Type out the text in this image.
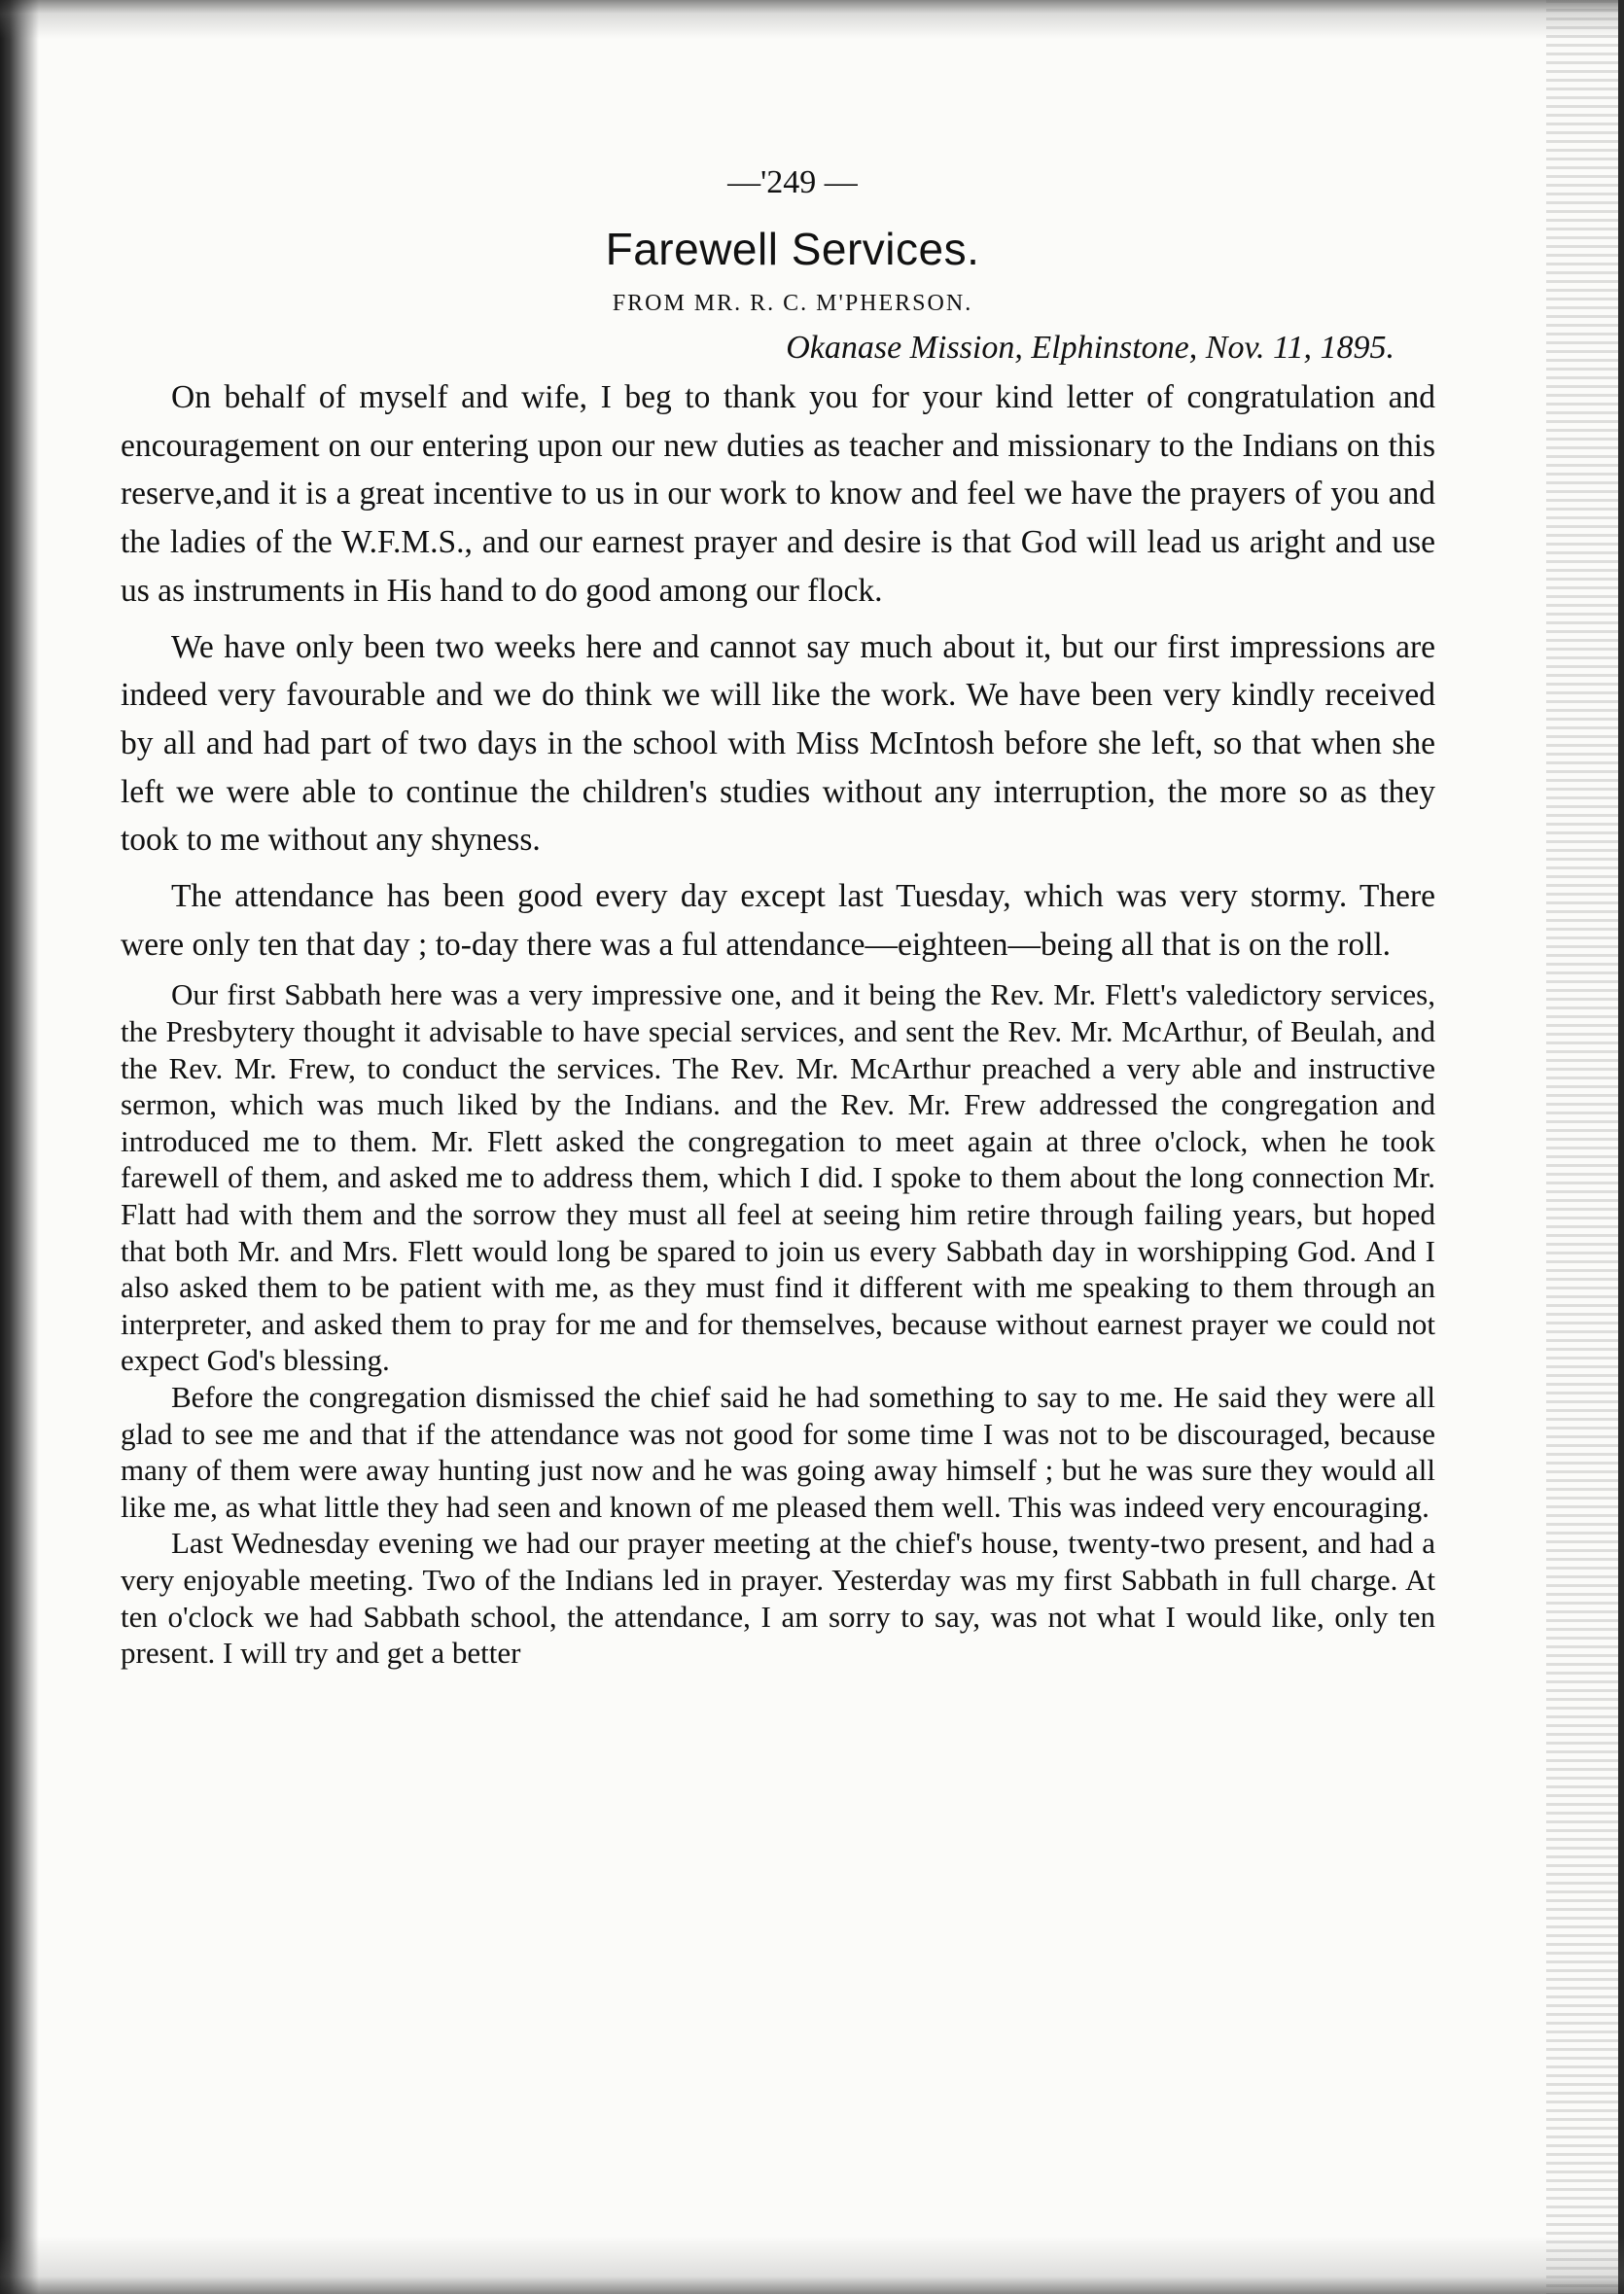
—'249 —
Farewell Services.
FROM MR. R. C. M'PHERSON.
Okanase Mission, Elphinstone, Nov. 11, 1895.

On behalf of myself and wife, I beg to thank you for your kind letter of congratulation and encouragement on our entering upon our new duties as teacher and missionary to the Indians on this reserve,and it is a great incentive to us in our work to know and feel we have the prayers of you and the ladies of the W.F.M.S., and our earnest prayer and desire is that God will lead us aright and use us as instruments in His hand to do good among our flock.

We have only been two weeks here and cannot say much about it, but our first impressions are indeed very favourable and we do think we will like the work. We have been very kindly received by all and had part of two days in the school with Miss McIntosh before she left, so that when she left we were able to continue the children's studies without any interruption, the more so as they took to me without any shyness.

The attendance has been good every day except last Tuesday, which was very stormy. There were only ten that day ; to-day there was a ful attendance—eighteen—being all that is on the roll.

Our first Sabbath here was a very impressive one, and it being the Rev. Mr. Flett's valedictory services, the Presbytery thought it advisable to have special services, and sent the Rev. Mr. McArthur, of Beulah, and the Rev. Mr. Frew, to conduct the services. The Rev. Mr. McArthur preached a very able and instructive sermon, which was much liked by the Indians. and the Rev. Mr. Frew addressed the congregation and introduced me to them. Mr. Flett asked the congregation to meet again at three o'clock, when he took farewell of them, and asked me to address them, which I did. I spoke to them about the long connection Mr. Flatt had with them and the sorrow they must all feel at seeing him retire through failing years, but hoped that both Mr. and Mrs. Flett would long be spared to join us every Sabbath day in worshipping God. And I also asked them to be patient with me, as they must find it different with me speaking to them through an interpreter, and asked them to pray for me and for themselves, because without earnest prayer we could not expect God's blessing.

Before the congregation dismissed the chief said he had something to say to me. He said they were all glad to see me and that if the attendance was not good for some time I was not to be discouraged, because many of them were away hunting just now and he was going away himself ; but he was sure they would all like me, as what little they had seen and known of me pleased them well. This was indeed very encouraging.

Last Wednesday evening we had our prayer meeting at the chief's house, twenty-two present, and had a very enjoyable meeting. Two of the Indians led in prayer. Yesterday was my first Sabbath in full charge. At ten o'clock we had Sabbath school, the attendance, I am sorry to say, was not what I would like, only ten present. I will try and get a better
